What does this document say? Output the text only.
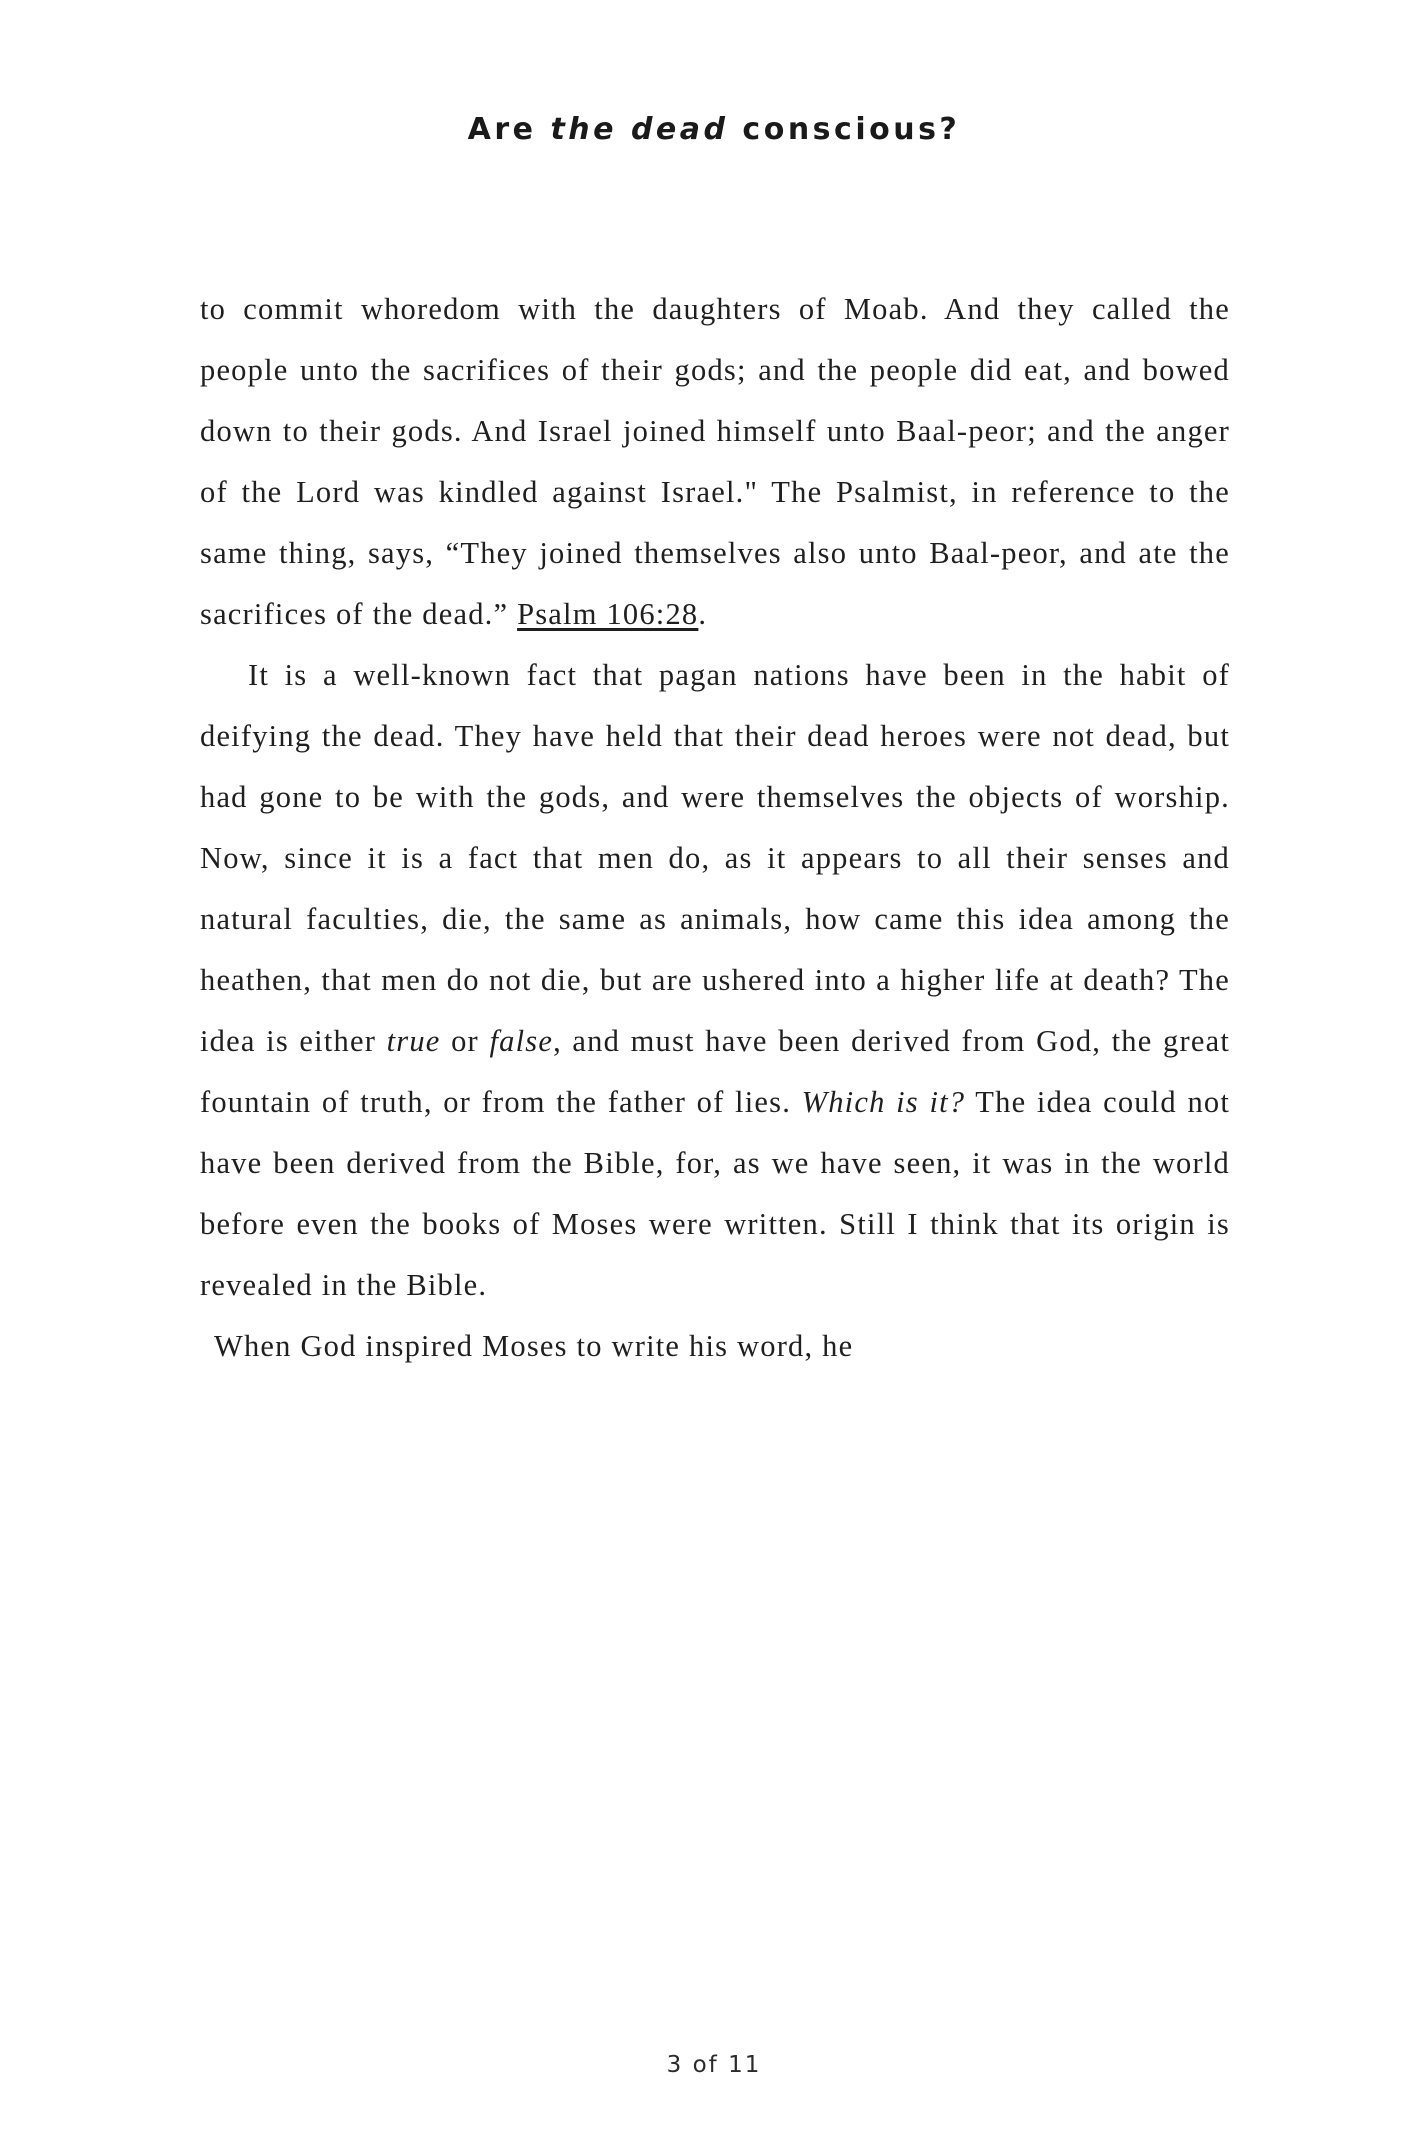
Are the dead conscious?

to commit whoredom with the daughters of Moab. And they called the people unto the sacrifices of their gods; and the people did eat, and bowed down to their gods. And Israel joined himself unto Baal-peor; and the anger of the Lord was kindled against Israel." The Psalmist, in reference to the same thing, says, “They joined themselves also unto Baal-peor, and ate the sacrifices of the dead.” Psalm 106:28.

It is a well-known fact that pagan nations have been in the habit of deifying the dead. They have held that their dead heroes were not dead, but had gone to be with the gods, and were themselves the objects of worship. Now, since it is a fact that men do, as it appears to all their senses and natural faculties, die, the same as animals, how came this idea among the heathen, that men do not die, but are ushered into a higher life at death? The idea is either true or false, and must have been derived from God, the great fountain of truth, or from the father of lies. Which is it? The idea could not have been derived from the Bible, for, as we have seen, it was in the world before even the books of Moses were written. Still I think that its origin is revealed in the Bible.

When God inspired Moses to write his word, he

3 of 11
